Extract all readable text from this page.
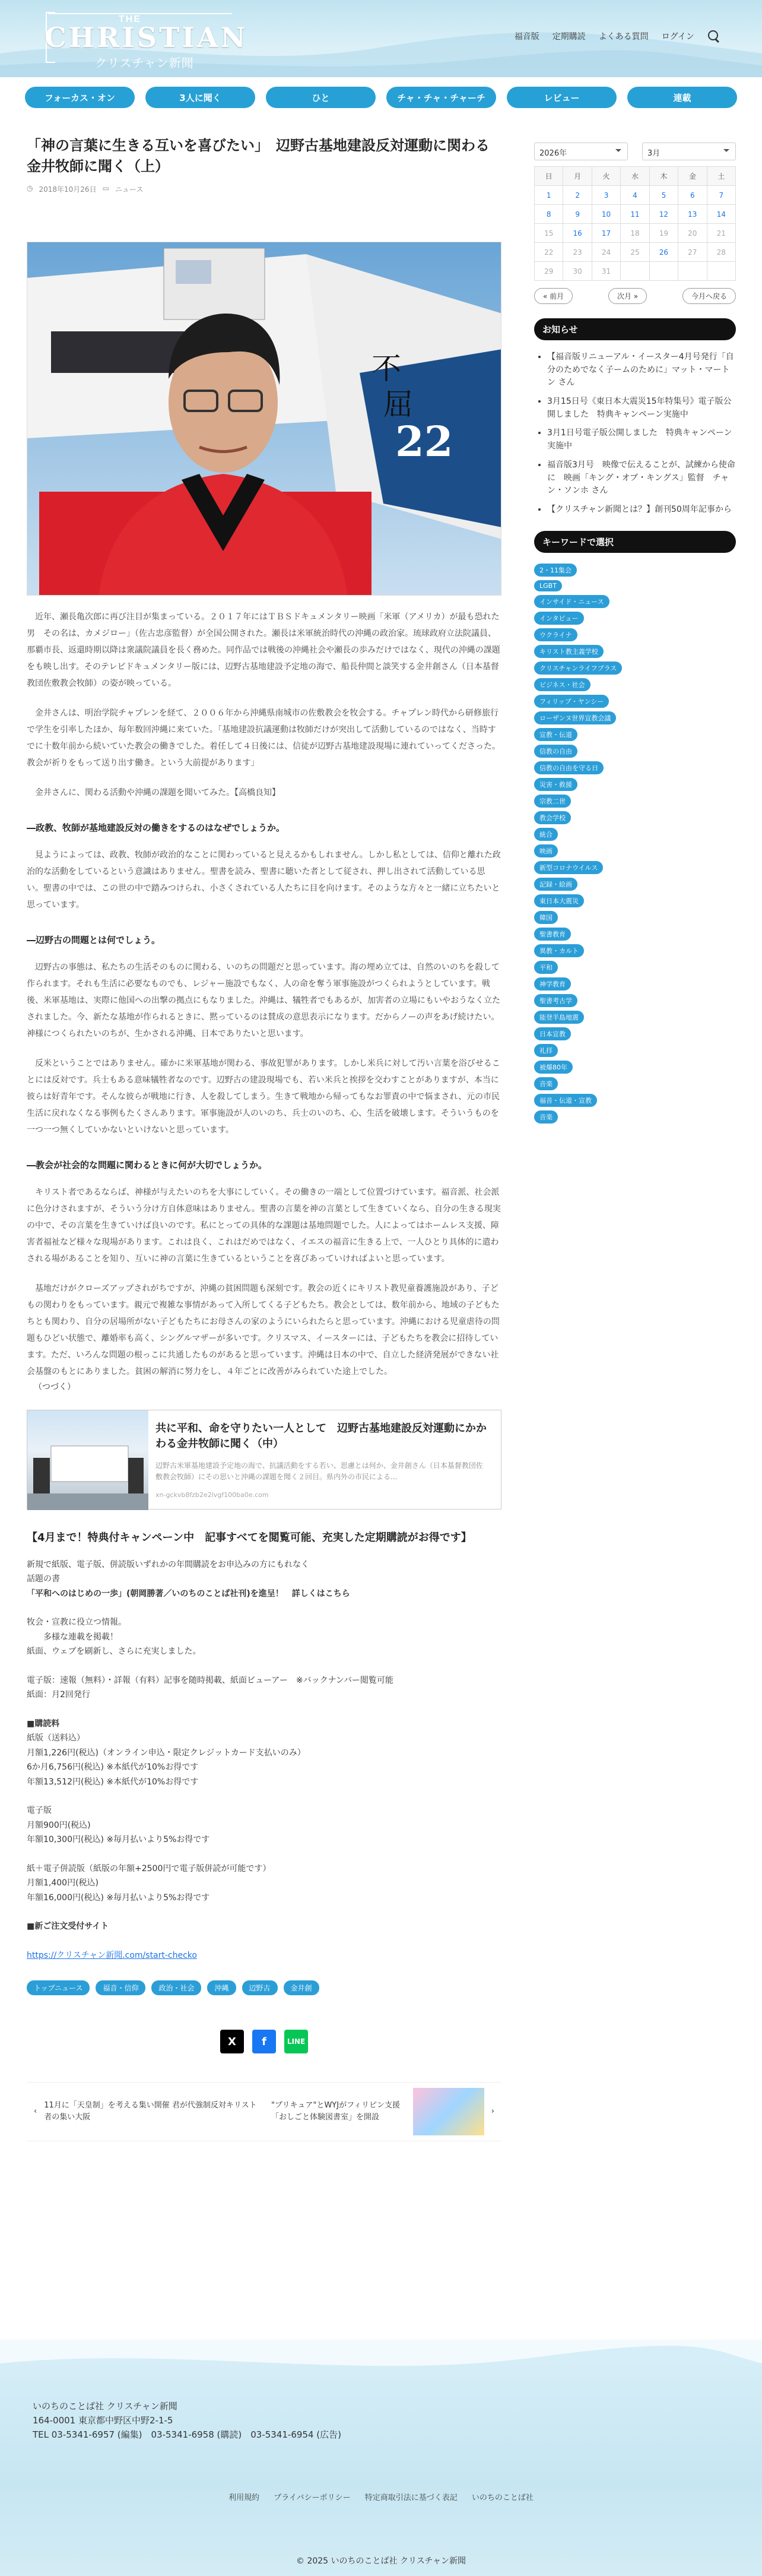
THE
CHRISTIAN
クリスチャン新聞
福音版 定期購読 よくある質問 ログイン
フォーカス・オン	3人に聞く	ひと	チャ・チャ・チャーチ	レビュー	連載
「神の言葉に生きる互いを喜びたい」　辺野古基地建設反対運動に関わる金井牧師に聞く（上）
◷ 2018年10月26日 ▭ ニュース
22
不
屈

近年、瀬長亀次郎に再び注目が集まっている。２０１７年にはＴＢＳドキュメンタリー映画「米軍（アメリカ）が最も恐れた男　その名は、カメジロー」（佐古忠彦監督）が全国公開された。瀬長は米軍統治時代の沖縄の政治家。琉球政府立法院議員、那覇市長、返還時期以降は衆議院議員を長く務めた。同作品では戦後の沖縄社会や瀬長の歩みだけではなく、現代の沖縄の課題をも映し出す。そのテレビドキュメンタリー版には、辺野古基地建設予定地の海で、船長仲間と談笑する金井創さん（日本基督教団佐敷教会牧師）の姿が映っている。

金井さんは、明治学院チャプレンを経て、２００６年から沖縄県南城市の佐敷教会を牧会する。チャプレン時代から研修旅行で学生を引率したほか、毎年数回沖縄に来ていた。「基地建設抗議運動は牧師だけが突出して活動しているのではなく、当時すでに十数年前から続いていた教会の働きでした。着任して４日後には、信徒が辺野古基地建設現場に連れていってくださった。教会が祈りをもって送り出す働き。という大前提があります」

金井さんに、関わる活動や沖縄の課題を聞いてみた。【高橋良知】

―政教、牧師が基地建設反対の働きをするのはなぜでしょうか。

見ようによっては、政教、牧師が政治的なことに関わっていると見えるかもしれません。しかし私としては、信仰と離れた政治的な活動をしているという意識はありません。聖書を読み、聖書に聴いた者として従され、押し出されて活動している思い。聖書の中では、この世の中で踏みつけられ、小さくされている人たちに目を向けます。そのような方々と一緒に立ちたいと思っています。

―辺野古の問題とは何でしょう。

辺野古の事態は、私たちの生活そのものに関わる、いのちの問題だと思っています。海の埋め立ては、自然のいのちを殺して作られます。それも生活に必要なものでも、レジャー施設でもなく、人の命を奪う軍事施設がつくられようとしています。戦後、米軍基地は、実際に他国への出撃の拠点にもなりました。沖縄は、犠牲者でもあるが、加害者の立場にもいやおうなく立たされました。今、新たな基地が作られるときに、黙っているのは賛成の意思表示になります。だからノーの声をあげ続けたい。神様につくられたいのちが、生かされる沖縄、日本でありたいと思います。

反米ということではありません。確かに米軍基地が関わる、事故犯罪があります。しかし米兵に対して汚い言葉を浴びせることには反対です。兵士もある意味犠牲者なのです。辺野古の建設現場でも、若い米兵と挨拶を交わすことがありますが、本当に彼らは好青年です。そんな彼らが戦地に行き、人を殺してしまう。生きて戦地から帰ってもなお罪責の中で悩まされ、元の市民生活に戻れなくなる事例もたくさんあります。軍事施設が人のいのち、兵士のいのち、心、生活を破壊します。そういうものを一つ一つ無くしていかないといけないと思っています。

―教会が社会的な問題に関わるときに何が大切でしょうか。

キリスト者であるならば、神様が与えたいのちを大事にしていく。その働きの一端として位置づけています。福音派、社会派に色分けされますが、そういう分け方自体意味はありません。聖書の言葉を神の言葉として生きていくなら、自分の生きる現実の中で、その言葉を生きていけば良いのです。私にとっての具体的な課題は基地問題でした。人によってはホームレス支援、障害者福祉など様々な現場があります。これは良く、これはだめではなく、イエスの福音に生きる上で、一人ひとり具体的に遣わされる場があることを知り、互いに神の言葉に生きているということを喜びあっていければよいと思っています。

基地だけがクローズアップされがちですが、沖縄の貧困問題も深刻です。教会の近くにキリスト教児童養護施設があり、子どもの関わりをもっています。親元で複雑な事情があって入所してくる子どもたち。教会としては、数年前から、地域の子どもたちとも関わり、自分の居場所がない子どもたちにお母さんの家のようにいられたらと思っています。沖縄における児童虐待の問題もひどい状態で、離婚率も高く、シングルマザーが多いです。クリスマス、イースターには、子どもたちを教会に招待しています。ただ、いろんな問題の根っこに共通したものがあると思っています。沖縄は日本の中で、自立した経済発展ができない社会基盤のもとにありました。貧困の解消に努力をし、４年ごとに改善がみられていた途上でした。

（つづく）

共に平和、命を守りたい一人として　辺野古基地建設反対運動にかかわる金井牧師に聞く（中）
辺野古米軍基地建設予定地の海で、抗議活動をする若い、思慮とは何か、金井創さん（日本基督教団佐敷教会牧師）にその思いと沖縄の課題を聞く２回目。県内外の市民による...
xn-gckvb8fzb2e2lvgf100ba0e.com

【4月まで！特典付キャンペーン中　記事すべてを閲覧可能、充実した定期購読がお得です】

新規で紙版、電子版、併読版いずれかの年間購読をお申込みの方にもれなく

話題の書

「平和へのはじめの一歩」(朝岡勝著／いのちのことば社刊)を進呈！　詳しくはこちら

牧会・宣教に役立つ情報。

　　多様な連載を掲載！

紙面、ウェブを刷新し、さらに充実しました。

電子版：速報（無料）・詳報（有料）記事を随時掲載、紙面ビューアー　※バックナンバー閲覧可能

紙面：月2回発行

■購読料

紙版（送料込）

月額1,226円(税込)（オンライン申込・限定クレジットカード支払いのみ）

6か月6,756円(税込) ※本紙代が10%お得です

年額13,512円(税込) ※本紙代が10%お得です

電子版

月額900円(税込)

年額10,300円(税込) ※毎月払いより5%お得です

紙＋電子併読版（紙版の年額+2500円で電子版併読が可能です）

月額1,400円(税込)

年額16,000円(税込) ※毎月払いより5%お得です

■新ご注文受付サイト

https://クリスチャン新聞.com/start-checko

トップニュース	福音・信仰	政治・社会	沖縄	辺野古	金井創
X	f	LINE
‹
11月に「天皇制」を考える集い開催 君が代強制反対キリスト者の集い大阪
"プリキュア"とWYJがフィリピン支援「おしごと体験図書室」を開設
›
2026年	3月
日	月	火	水	木	金	土
1	2	3	4	5	6	7
8	9	10	11	12	13	14
15	16	17	18	19	20	21
22	23	24	25	26	27	28
29	30	31				
« 前月	次月 »	今月へ戻る
お知らせ
• 【福音版リニューアル・イースター4月号発行「自分のためでなく子ームのために」マット・マートン さん
• 3月15日号《東日本大震災15年特集号》電子版公開しました　特典キャンペーン実施中
• 3月1日号電子版公開しました　特典キャンペーン実施中
• 福音版3月号　映像で伝えることが、試練から使命に　映画「キング・オブ・キングス」監督　チャン・ソンホ さん
• 【クリスチャン新聞とは？】創刊50周年記事から
キーワードで選択
2・11集会
LGBT
インサイド・ニュース
インタビュー
ウクライナ
キリスト教主義学校
クリスチャンライフプラス
ビジネス・社会
フィリップ・ヤンシー
ローザンヌ世界宣教会議
宣教・伝道
信教の自由
信教の自由を守る日
災害・救援
宗教二世
教会学校
統合
映画
新型コロナウイルス
記録・絵画
東日本大震災
韓国
聖書教育
異教・カルト
平和
神学教育
聖書考古学
能登半島地震
日本宣教
礼拝
被爆80年
音楽
福音・伝道・宣教
音楽
いのちのことば社 クリスチャン新聞
164-0001 東京都中野区中野2-1-5
TEL 03-5341-6957 (編集)　03-5341-6958 (購読)　03-5341-6954 (広告)
利用規約 プライバシーポリシー 特定商取引法に基づく表記 いのちのことば社
© 2025 いのちのことば社 クリスチャン新聞
